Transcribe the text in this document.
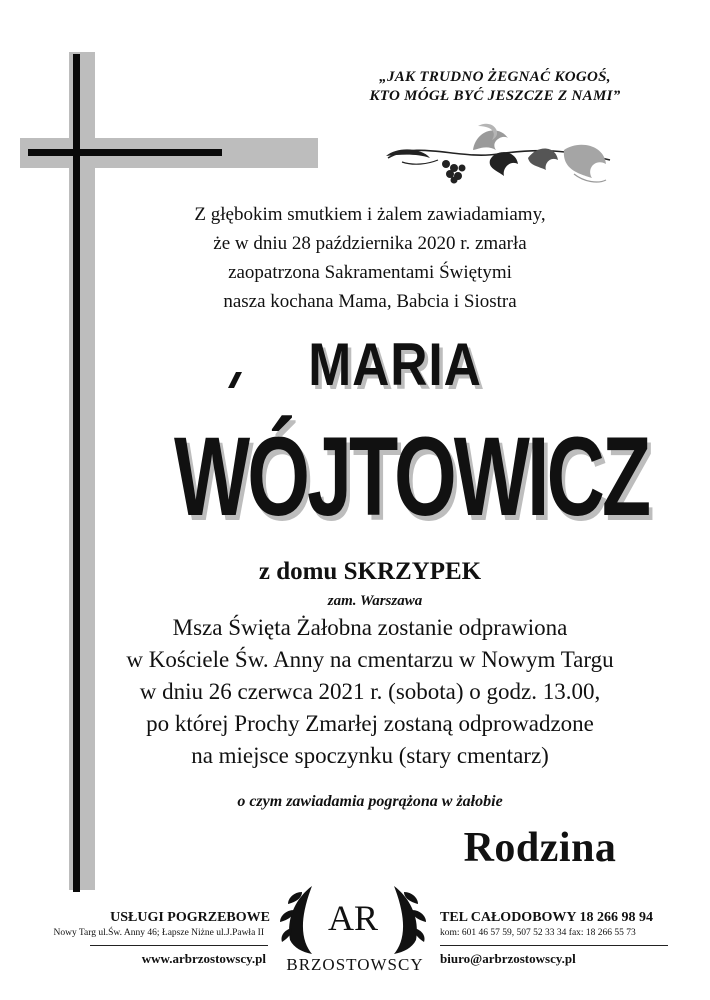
„JAK TRUDNO ŻEGNAĆ KOGOŚ,
KTO MÓGŁ BYĆ JESZCZE Z NAMI”
Z głębokim smutkiem i żalem zawiadamiamy,
że w dniu 28 października 2020 r. zmarła
zaopatrzona Sakramentami Świętymi
nasza kochana Mama, Babcia i Siostra
MARIA
WÓJTOWICZ
z domu SKRZYPEK
zam. Warszawa
Msza Święta Żałobna zostanie odprawiona
w Kościele Św. Anny na cmentarzu w Nowym Targu
w dniu 26 czerwca 2021 r. (sobota) o godz. 13.00,
po której Prochy Zmarłej zostaną odprowadzone
na miejsce spoczynku (stary cmentarz)
o czym zawiadamia pogrążona w żałobie
Rodzina
USŁUGI POGRZEBOWE
Nowy Targ ul.Św. Anny 46; Łapsze Niżne ul.J.Pawła II
www.arbrzostowscy.pl
AR
BRZOSTOWSCY
TEL CAŁODOBOWY 18 266 98 94
kom: 601 46 57 59, 507 52 33 34 fax: 18 266 55 73
biuro@arbrzostowscy.pl
